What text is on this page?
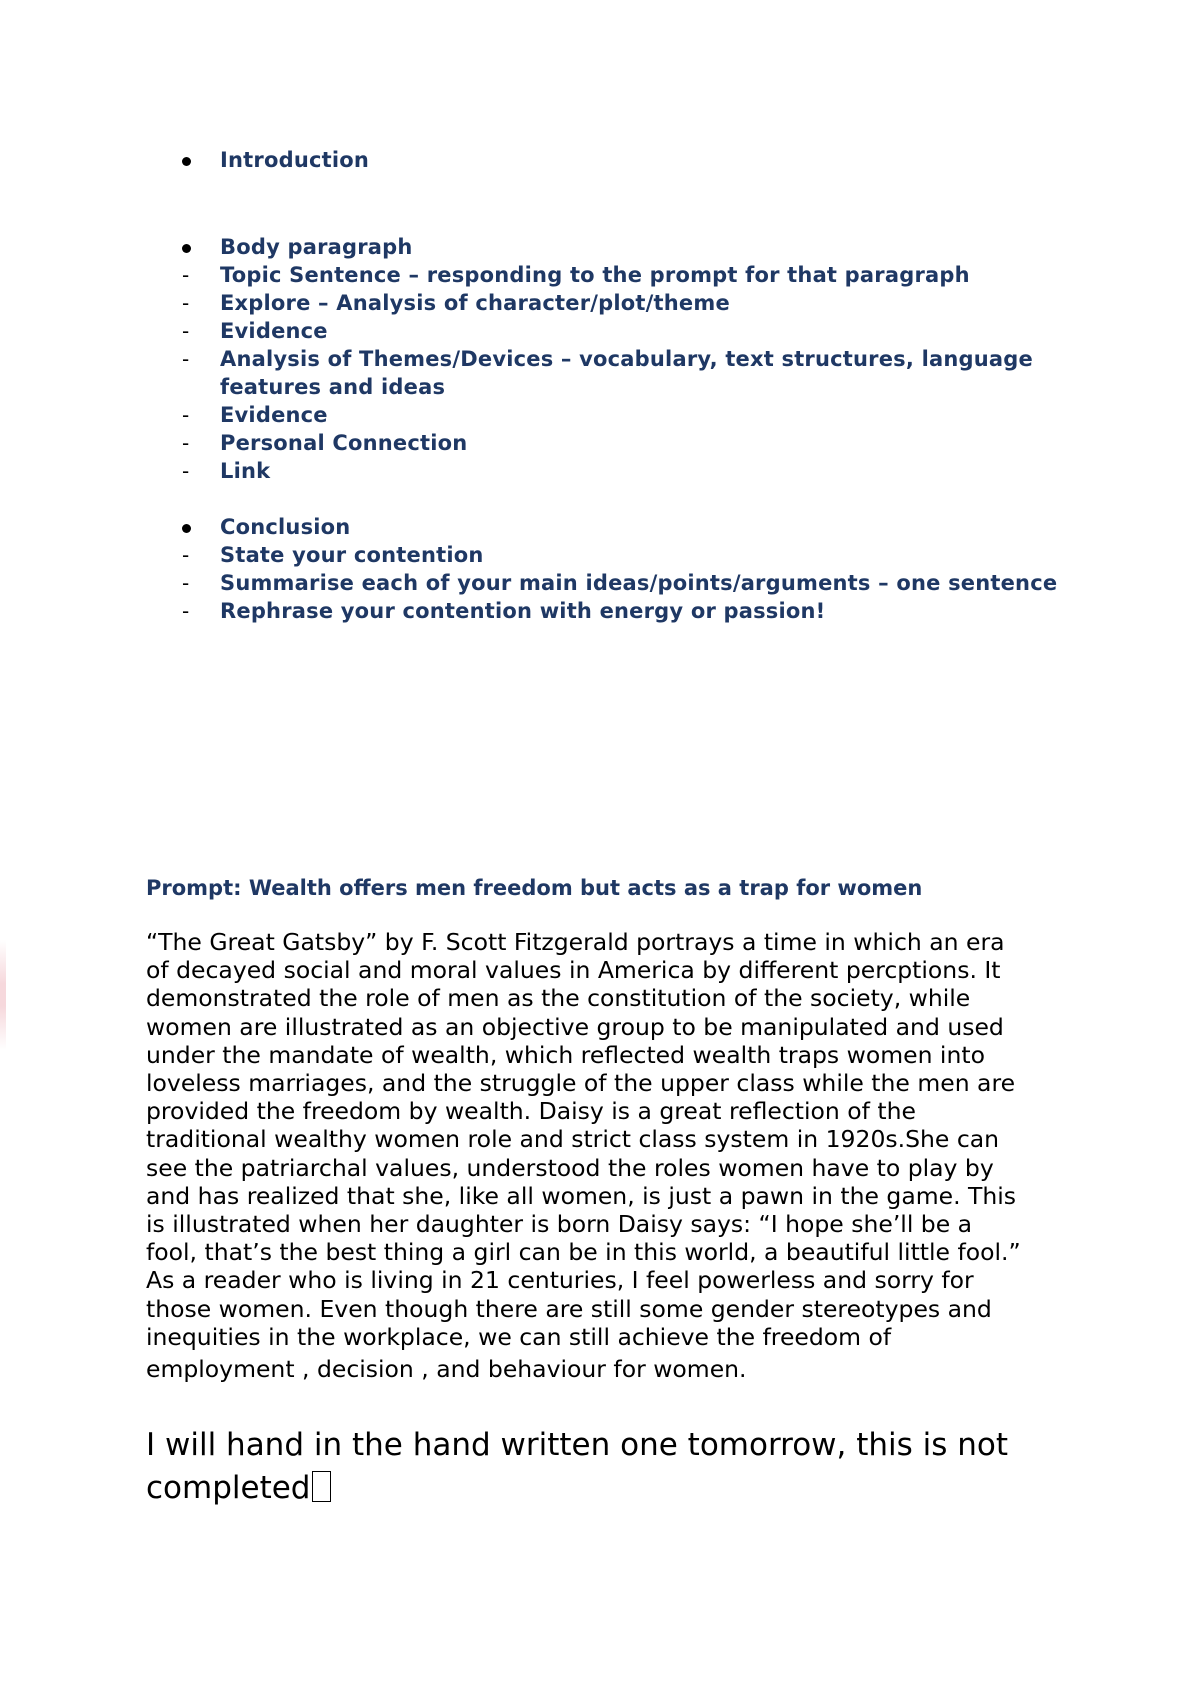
Introduction
Body paragraph
- Topic Sentence – responding to the prompt for that paragraph
- Explore – Analysis of character/plot/theme
- Evidence
- Analysis of Themes/Devices – vocabulary, text structures, language features and ideas
- Evidence
- Personal Connection
- Link
Conclusion
- State your contention
- Summarise each of your main ideas/points/arguments – one sentence
- Rephrase your contention with energy or passion!
Prompt: Wealth offers men freedom but acts as a trap for women
“The Great Gatsby” by F. Scott Fitzgerald portrays a time in which an era
of decayed social and moral values in America by different percptions. It
demonstrated the role of men as the constitution of the society, while
women are illustrated as an objective group to be manipulated and used
under the mandate of wealth, which reflected wealth traps women into
loveless marriages, and the struggle of the upper class while the men are
provided the freedom by wealth. Daisy is a great reflection of the
traditional wealthy women role and strict class system in 1920s.She can
see the patriarchal values, understood the roles women have to play by
and has realized that she, like all women, is just a pawn in the game. This
is illustrated when her daughter is born Daisy says: “I hope she’ll be a
fool, that’s the best thing a girl can be in this world, a beautiful little fool.”
As a reader who is living in 21 centuries, I feel powerless and sorry for
those women. Even though there are still some gender stereotypes and
inequities in the workplace, we can still achieve the freedom of
employment , decision , and behaviour for women.
I will hand in the hand written one tomorrow, this is not
completed
